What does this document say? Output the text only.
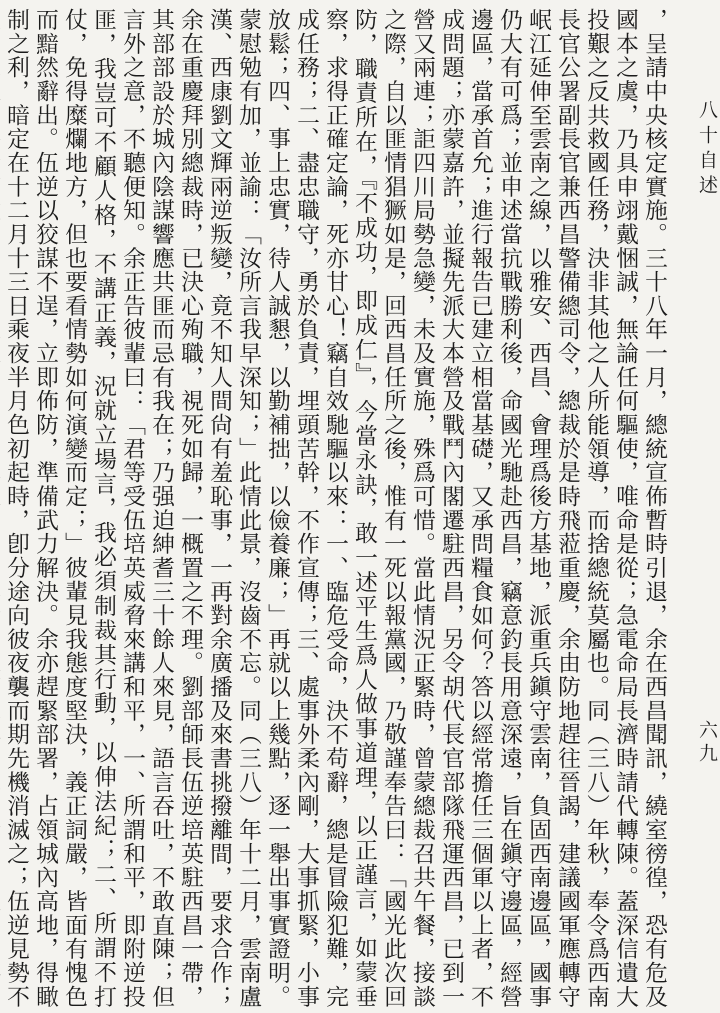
八十自述
六九
，呈請中央核定實施。三十八年一月，總統宣佈暫時引退，余在西昌聞訊，繞室徬徨，恐有危及國本之虞，乃具申翊戴悃誠，無論任何驅使，唯命是從；急電命局長濟時請代轉陳。蓋深信遺大投艱之反共救國任務，決非其他之人所能領導，而捨總統莫屬也。同（三八）年秋，奉令爲西南長官公署副長官兼西昌警備總司令，總裁於是時飛蒞重慶，余由防地趕往晉謁，建議國軍應轉守岷江延伸至雲南之線，以雅安、西昌、會理爲後方基地，派重兵鎭守雲南，負固西南邊區，國事仍大有可爲；並申述當抗戰勝利後，命國光馳赴西昌，竊意釣長用意深遠，旨在鎭守邊區，經營邊區，當承首允；進行報告已建立相當基礎，又承問糧食如何？答以經常擔任三個軍以上者，不成問題；亦蒙嘉許，並擬先派大本營及戰鬥內閣遷駐西昌，另令胡代長官部隊飛運西昌，已到一營又兩連；詎四川局勢急變，未及實施，殊爲可惜。當此情況正緊時，曾蒙總裁召共午餐，接談之際，自以匪情猖獗如是，回西昌任所之後，惟有一死以報黨國，乃敬謹奉告曰：「國光此次回防，職責所在，『不成功，即成仁』，今當永訣，敢一述平生爲人做事道理，以正謹言，如蒙垂察，求得正確定論，死亦甘心！竊自效馳驅以來：一、臨危受命，決不苟辭，總是冒險犯難，完成任務；二、盡忠職守，勇於負責，埋頭苦幹，不作宣傳；三、處事外柔內剛，大事抓緊，小事放鬆；四、事上忠實，待人誠懇，以勤補拙，以儉養廉；」再就以上幾點，逐一舉出事實證明。蒙慰勉有加，並諭：「汝所言我早深知；」此情此景，沒齒不忘。同（三八）年十二月，雲南盧漢、西康劉文輝兩逆叛變，竟不知人間尙有羞恥事，一再對余廣播及來書挑撥離間，要求合作；余在重慶拜別總裁時，已決心殉職，視死如歸，一概置之不理。劉部師長伍逆培英駐西昌一帶，其部部設於城內陰謀響應共匪而忌有我在；乃强迫紳耆三十餘人來見，語言吞吐，不敢直陳；但言外之意，不聽便知。余正告彼輩曰：「君等受伍培英威脅來講和平，一、所謂和平，即附逆投匪，我豈可不顧人格，不講正義，況就立場言，我必須制裁其行動，以伸法紀；二、所謂不打仗，免得糜爛地方，但也要看情勢如何演變而定；」彼輩見我態度堅決，義正詞嚴，皆面有愧色而黯然辭出。伍逆以狡謀不逞，立即佈防，準備武力解決。余亦趕緊部署，占領城內高地，得瞰制之利，暗定在十二月十三日乘夜半月色初起時，卽分途向彼夜襲而期先機消滅之；伍逆見勢不
